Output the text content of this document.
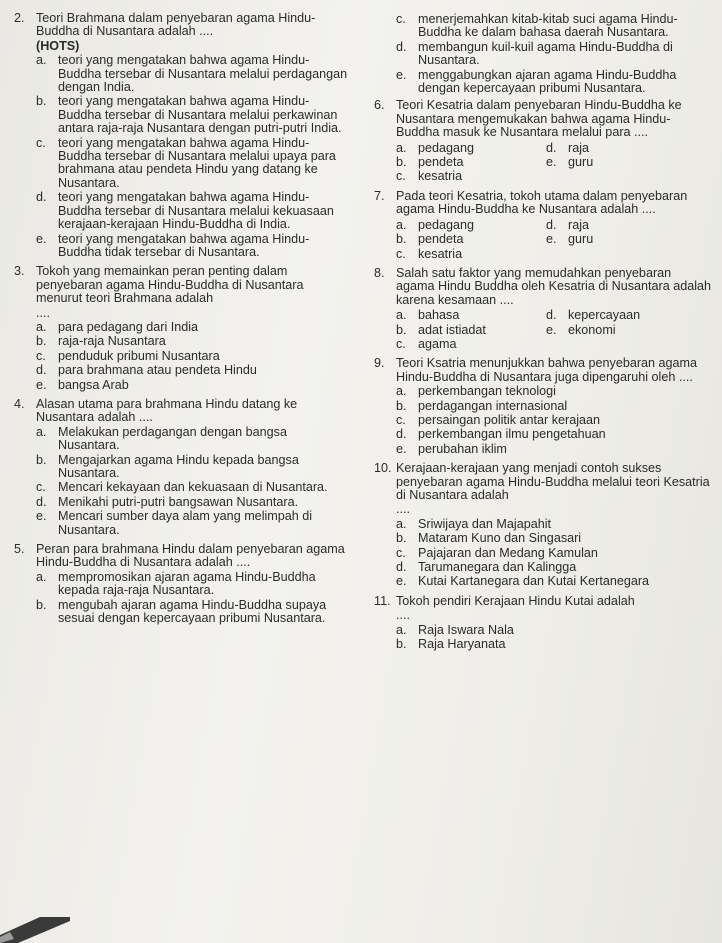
2. Teori Brahmana dalam penyebaran agama Hindu-Buddha di Nusantara adalah ....

(HOTS)
a. teori yang mengatakan bahwa agama Hindu-Buddha tersebar di Nusantara melalui perdagangan dengan India.
b. teori yang mengatakan bahwa agama Hindu-Buddha tersebar di Nusantara melalui perkawinan antara raja-raja Nusantara dengan putri-putri India.
c. teori yang mengatakan bahwa agama Hindu-Buddha tersebar di Nusantara melalui upaya para brahmana atau pendeta Hindu yang datang ke Nusantara.
d. teori yang mengatakan bahwa agama Hindu-Buddha tersebar di Nusantara melalui kekuasaan kerajaan-kerajaan Hindu-Buddha di India.
e. teori yang mengatakan bahwa agama Hindu-Buddha tidak tersebar di Nusantara.
3. Tokoh yang memainkan peran penting dalam penyebaran agama Hindu-Buddha di Nusantara menurut teori Brahmana adalah

....
a. para pedagang dari India
b. raja-raja Nusantara
c. penduduk pribumi Nusantara
d. para brahmana atau pendeta Hindu
e. bangsa Arab
4. Alasan utama para brahmana Hindu datang ke Nusantara adalah ....

a. Melakukan perdagangan dengan bangsa Nusantara.
b. Mengajarkan agama Hindu kepada bangsa Nusantara.
c. Mencari kekayaan dan kekuasaan di Nusantara.
d. Menikahi putri-putri bangsawan Nusantara.
e. Mencari sumber daya alam yang melimpah di Nusantara.
5. Peran para brahmana Hindu dalam penyebaran agama Hindu-Buddha di Nusantara adalah ....

a. mempromosikan ajaran agama Hindu-Buddha kepada raja-raja Nusantara.
b. mengubah ajaran agama Hindu-Buddha supaya sesuai dengan kepercayaan pribumi Nusantara.
c. menerjemahkan kitab-kitab suci agama Hindu-Buddha ke dalam bahasa daerah Nusantara.
d. membangun kuil-kuil agama Hindu-Buddha di Nusantara.
e. menggabungkan ajaran agama Hindu-Buddha dengan kepercayaan pribumi Nusantara.
6. Teori Kesatria dalam penyebaran Hindu-Buddha ke Nusantara mengemukakan bahwa agama Hindu-Buddha masuk ke Nusantara melalui para ....

a. pedagang	d. raja
b. pendeta	e. guru
c. kesatria
7. Pada teori Kesatria, tokoh utama dalam penyebaran agama Hindu-Buddha ke Nusantara adalah ....

a. pedagang	d. raja
b. pendeta	e. guru
c. kesatria
8. Salah satu faktor yang memudahkan penyebaran agama Hindu Buddha oleh Kesatria di Nusantara adalah karena kesamaan ....

a. bahasa	d. kepercayaan
b. adat istiadat	e. ekonomi
c. agama
9. Teori Ksatria menunjukkan bahwa penyebaran agama Hindu-Buddha di Nusantara juga dipengaruhi oleh ....

a. perkembangan teknologi
b. perdagangan internasional
c. persaingan politik antar kerajaan
d. perkembangan ilmu pengetahuan
e. perubahan iklim
10. Kerajaan-kerajaan yang menjadi contoh sukses penyebaran agama Hindu-Buddha melalui teori Kesatria di Nusantara adalah

....
a. Sriwijaya dan Majapahit
b. Mataram Kuno dan Singasari
c. Pajajaran dan Medang Kamulan
d. Tarumanegara dan Kalingga
e. Kutai Kartanegara dan Kutai Kertanegara
11. Tokoh pendiri Kerajaan Hindu Kutai adalah

....
a. Raja Iswara Nala
b. Raja Haryanata
